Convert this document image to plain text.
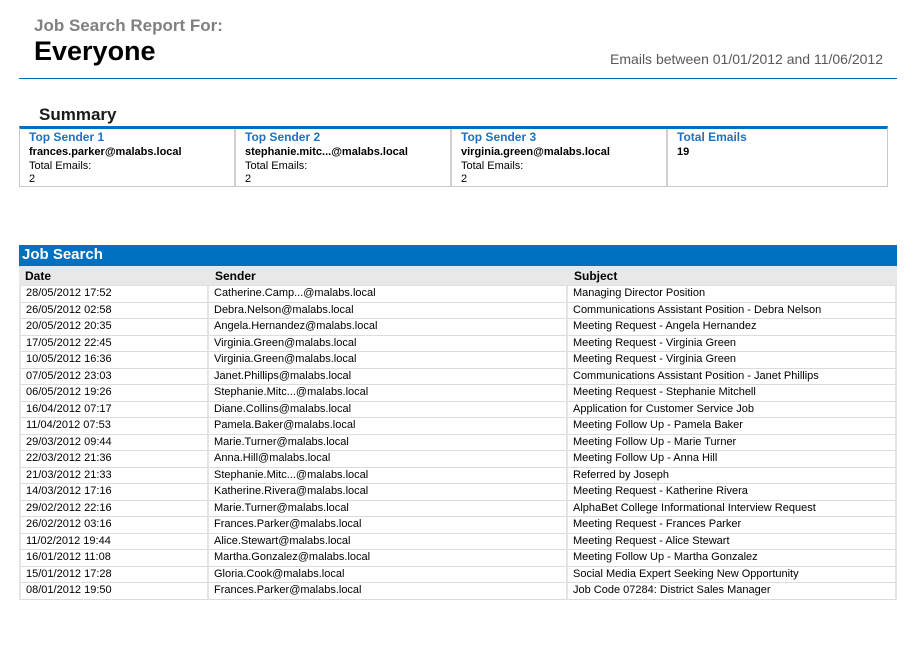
Job Search Report For:
Everyone	Emails between 01/01/2012 and 11/06/2012
Summary
Top Sender 1
frances.parker@malabs.local
Total Emails:
2
Top Sender 2
stephanie.mitc...@malabs.local
Total Emails:
2
Top Sender 3
virginia.green@malabs.local
Total Emails:
2
Total Emails
19
Job Search
Date	Sender	Subject
28/05/2012 17:52	Catherine.Camp...@malabs.local	Managing Director Position
26/05/2012 02:58	Debra.Nelson@malabs.local	Communications Assistant Position - Debra Nelson
20/05/2012 20:35	Angela.Hernandez@malabs.local	Meeting Request - Angela Hernandez
17/05/2012 22:45	Virginia.Green@malabs.local	Meeting Request - Virginia Green
10/05/2012 16:36	Virginia.Green@malabs.local	Meeting Request - Virginia Green
07/05/2012 23:03	Janet.Phillips@malabs.local	Communications Assistant Position - Janet Phillips
06/05/2012 19:26	Stephanie.Mitc...@malabs.local	Meeting Request - Stephanie Mitchell
16/04/2012 07:17	Diane.Collins@malabs.local	Application for Customer Service Job
11/04/2012 07:53	Pamela.Baker@malabs.local	Meeting Follow Up - Pamela Baker
29/03/2012 09:44	Marie.Turner@malabs.local	Meeting Follow Up - Marie Turner
22/03/2012 21:36	Anna.Hill@malabs.local	Meeting Follow Up - Anna Hill
21/03/2012 21:33	Stephanie.Mitc...@malabs.local	Referred by Joseph
14/03/2012 17:16	Katherine.Rivera@malabs.local	Meeting Request - Katherine Rivera
29/02/2012 22:16	Marie.Turner@malabs.local	AlphaBet College Informational Interview Request
26/02/2012 03:16	Frances.Parker@malabs.local	Meeting Request - Frances Parker
11/02/2012 19:44	Alice.Stewart@malabs.local	Meeting Request - Alice Stewart
16/01/2012 11:08	Martha.Gonzalez@malabs.local	Meeting Follow Up - Martha Gonzalez
15/01/2012 17:28	Gloria.Cook@malabs.local	Social Media Expert Seeking New Opportunity
08/01/2012 19:50	Frances.Parker@malabs.local	Job Code 07284: District Sales Manager
